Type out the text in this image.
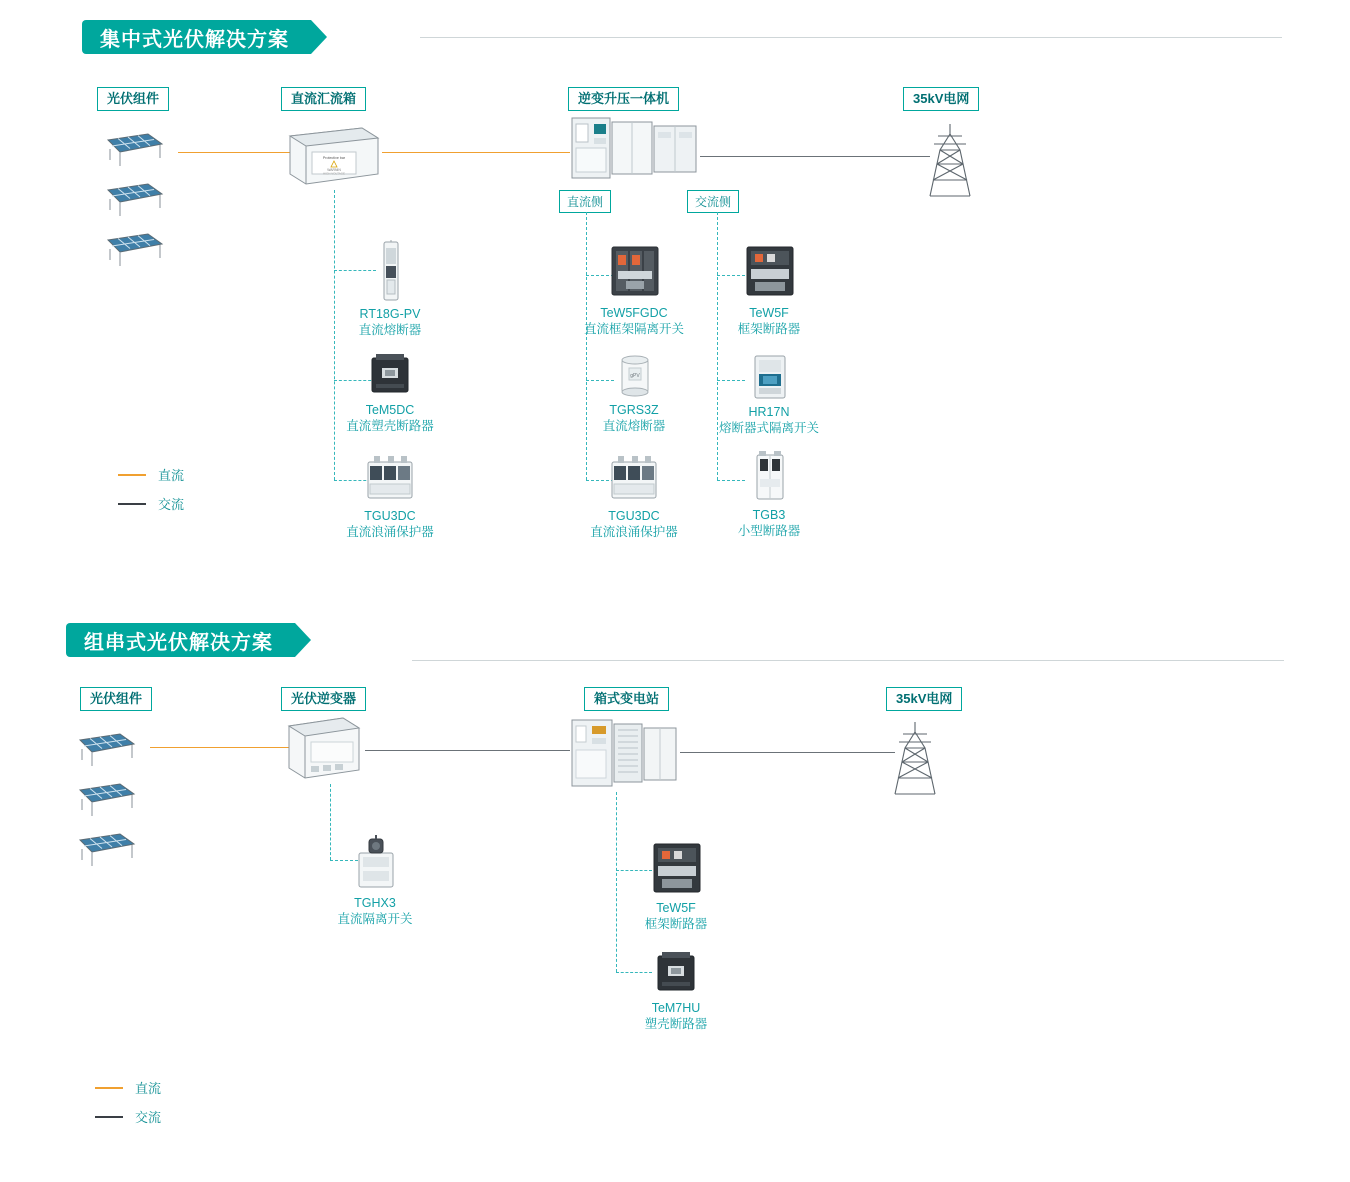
集中式光伏解决方案
光伏组件	直流汇流箱	逆变升压一体机	35kV电网
Protective bar
WARNIN
HIGH VOLTAGE
直流侧	交流侧
RT18G-PV
直流熔断器
TeM5DC
直流塑壳断路器
TGU3DC
直流浪涌保护器
TeW5FGDC
直流框架隔离开关
gPV
TGRS3Z
直流熔断器
TGU3DC
直流浪涌保护器
TeW5F
框架断路器
HR17N
熔断器式隔离开关
TGB3
小型断路器
直流
交流
组串式光伏解决方案
光伏组件	光伏逆变器	箱式变电站	35kV电网
TGHX3
直流隔离开关
TeW5F
框架断路器
TeM7HU
塑壳断路器
直流
交流
